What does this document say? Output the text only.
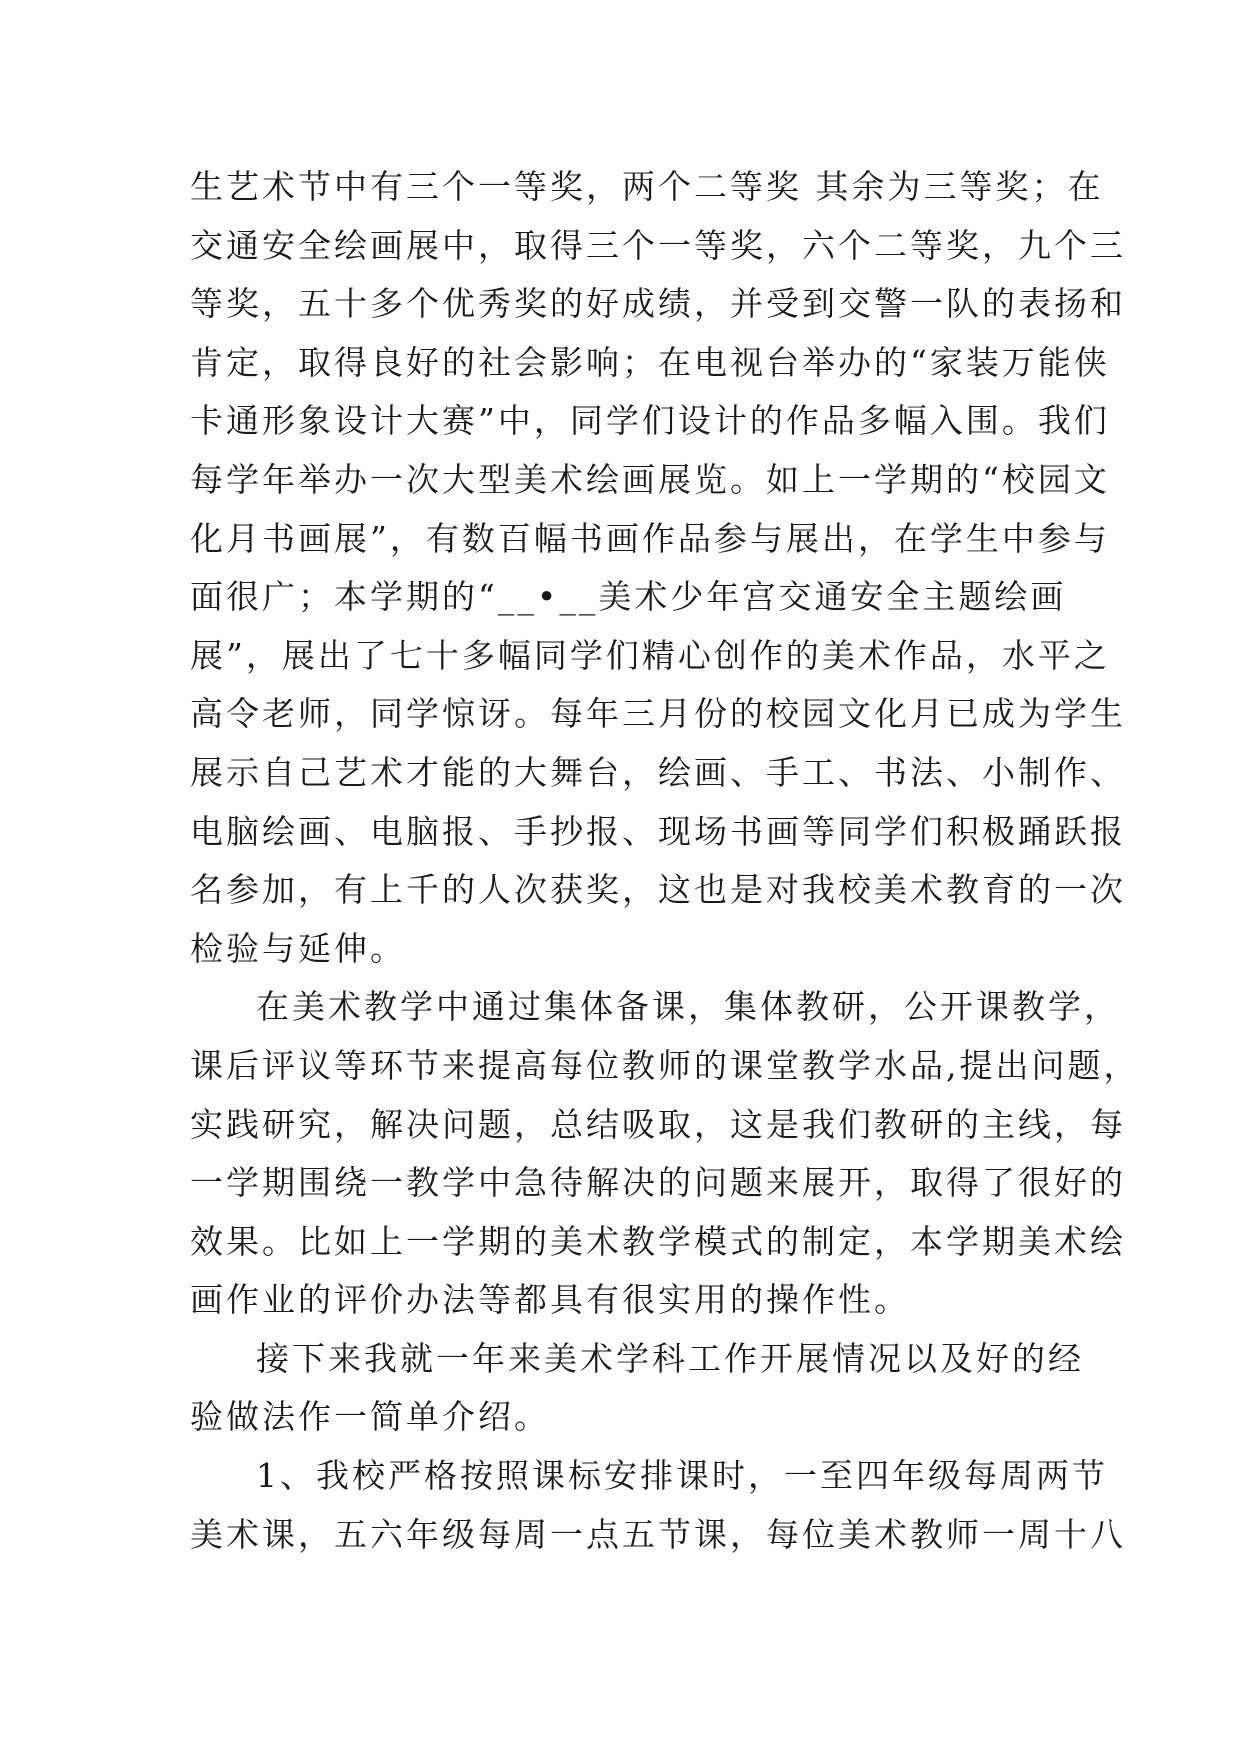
生艺术节中有三个一等奖，两个二等奖 其余为三等奖；在
交通安全绘画展中，取得三个一等奖，六个二等奖，九个三
等奖，五十多个优秀奖的好成绩，并受到交警一队的表扬和
肯定，取得良好的社会影响；在电视台举办的“家装万能侠
卡通形象设计大赛”中，同学们设计的作品多幅入围。我们
每学年举办一次大型美术绘画展览。如上一学期的“校园文
化月书画展”，有数百幅书画作品参与展出，在学生中参与
面很广；本学期的“__•__美术少年宫交通安全主题绘画
展”，展出了七十多幅同学们精心创作的美术作品，水平之
高令老师，同学惊讶。每年三月份的校园文化月已成为学生
展示自己艺术才能的大舞台，绘画、手工、书法、小制作、
电脑绘画、电脑报、手抄报、现场书画等同学们积极踊跃报
名参加，有上千的人次获奖，这也是对我校美术教育的一次
检验与延伸。
在美术教学中通过集体备课，集体教研，公开课教学，
课后评议等环节来提高每位教师的课堂教学水品,提出问题，
实践研究，解决问题，总结吸取，这是我们教研的主线，每
一学期围绕一教学中急待解决的问题来展开，取得了很好的
效果。比如上一学期的美术教学模式的制定，本学期美术绘
画作业的评价办法等都具有很实用的操作性。
接下来我就一年来美术学科工作开展情况以及好的经
验做法作一简单介绍。
1、我校严格按照课标安排课时，一至四年级每周两节
美术课，五六年级每周一点五节课，每位美术教师一周十八
